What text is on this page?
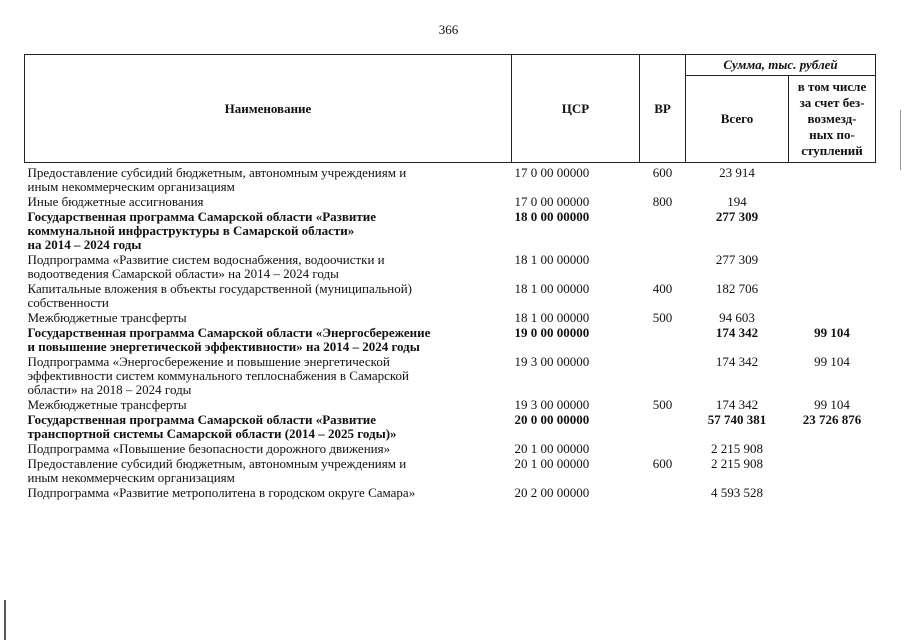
366
Наименование	ЦСР	ВР	Сумма, тыс. рублей	
			Всего	в том числе
за счет без-
возмезд-
ных по-
ступлений

Предоставление субсидий бюджетным, автономным учреждениям и
иным некоммерческим организациям	17 0 00 00000	600	23 914	

Иные бюджетные ассигнования	17 0 00 00000	800	194	

Государственная программа Самарской области «Развитие
коммунальной инфраструктуры в Самарской области»
на 2014 – 2024 годы	18 0 00 00000		277 309	

Подпрограмма «Развитие систем водоснабжения, водоочистки и
водоотведения Самарской области» на 2014 – 2024 годы	18 1 00 00000		277 309	

Капитальные вложения в объекты государственной (муниципальной)
собственности	18 1 00 00000	400	182 706	

Межбюджетные трансферты	18 1 00 00000	500	94 603	

Государственная программа Самарской области «Энергосбережение
и повышение энергетической эффективности» на 2014 – 2024 годы	19 0 00 00000		174 342	99 104

Подпрограмма «Энергосбережение и повышение энергетической
эффективности систем коммунального теплоснабжения в Самарской
области» на 2018 – 2024 годы	19 3 00 00000		174 342	99 104

Межбюджетные трансферты	19 3 00 00000	500	174 342	99 104

Государственная программа Самарской области «Развитие
транспортной системы Самарской области (2014 – 2025 годы)»	20 0 00 00000		57 740 381	23 726 876

Подпрограмма «Повышение безопасности дорожного движения»	20 1 00 00000		2 215 908	

Предоставление субсидий бюджетным, автономным учреждениям и
иным некоммерческим организациям	20 1 00 00000	600	2 215 908	

Подпрограмма «Развитие метрополитена в городском округе Самара»	20 2 00 00000		4 593 528	
